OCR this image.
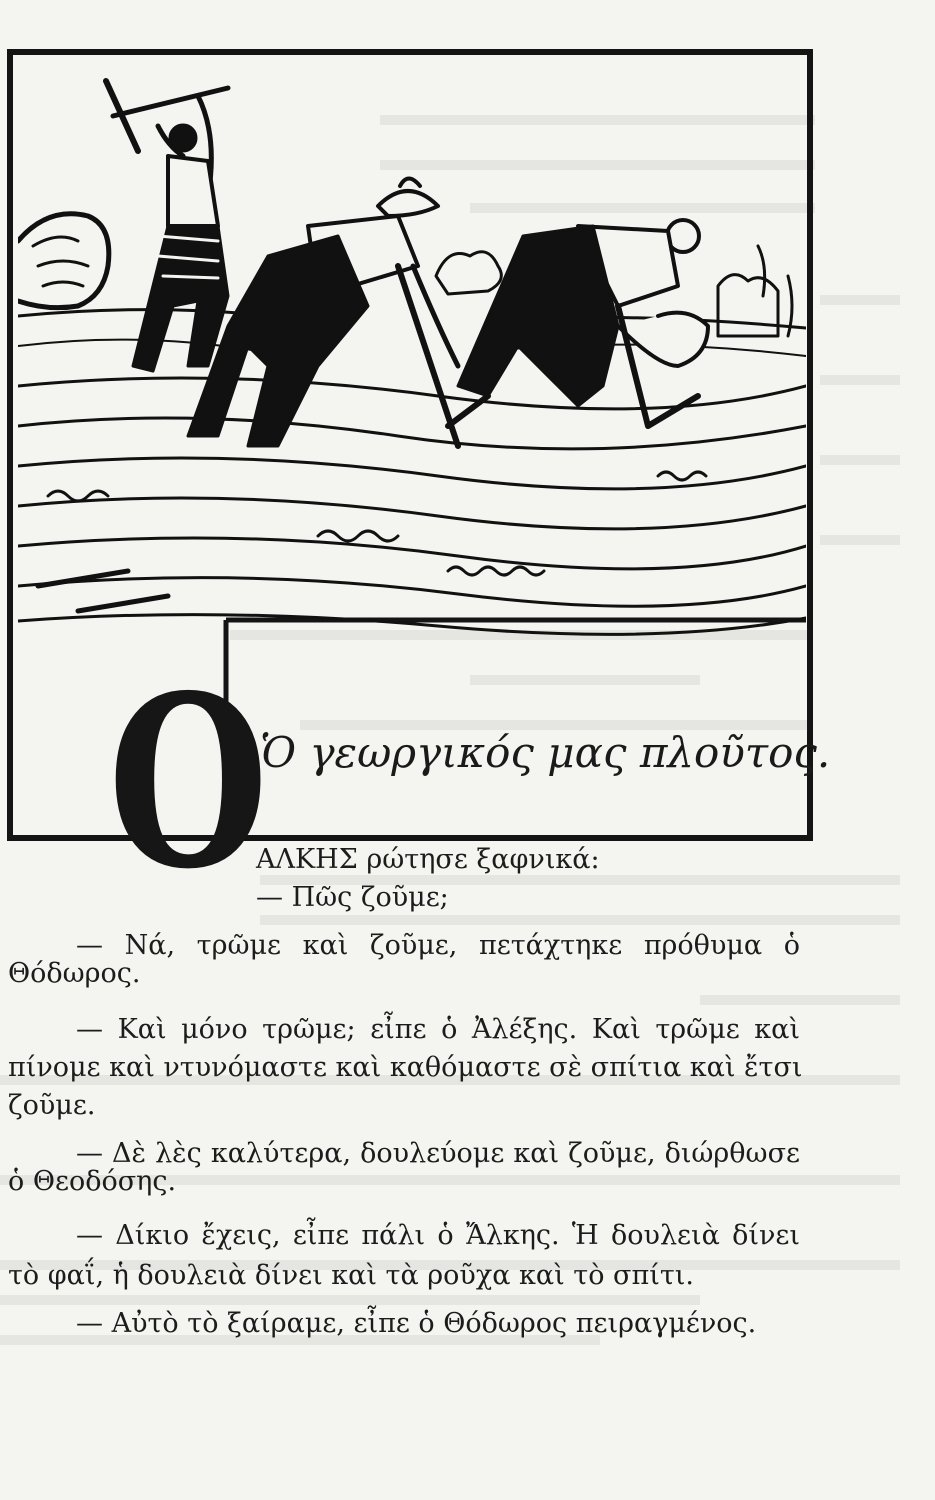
O
Ὁ γεωργικός μας πλοῦτος.
ΑΛΚΗΣ ρώτησε ξαφνικά:
— Πῶς ζοῦμε;
— Νά, τρῶμε καὶ ζοῦμε, πετάχτηκε πρόθυμα ὁ
Θόδωρος.
— Καὶ μόνο τρῶμε; εἶπε ὁ Ἀλέξης. Καὶ τρῶμε καὶ
πίνομε καὶ ντυνόμαστε καὶ καθόμαστε σὲ σπίτια καὶ ἔτσι
ζοῦμε.
— Δὲ λὲς καλύτερα, δουλεύομε καὶ ζοῦμε, διώρθωσε
ὁ Θεοδόσης.
— Δίκιο ἔχεις, εἶπε πάλι ὁ Ἄλκης. Ἡ δουλειὰ δίνει
τὸ φαΐ, ἡ δουλειὰ δίνει καὶ τὰ ροῦχα καὶ τὸ σπίτι.
— Αὐτὸ τὸ ξαίραμε, εἶπε ὁ Θόδωρος πειραγμένος.
